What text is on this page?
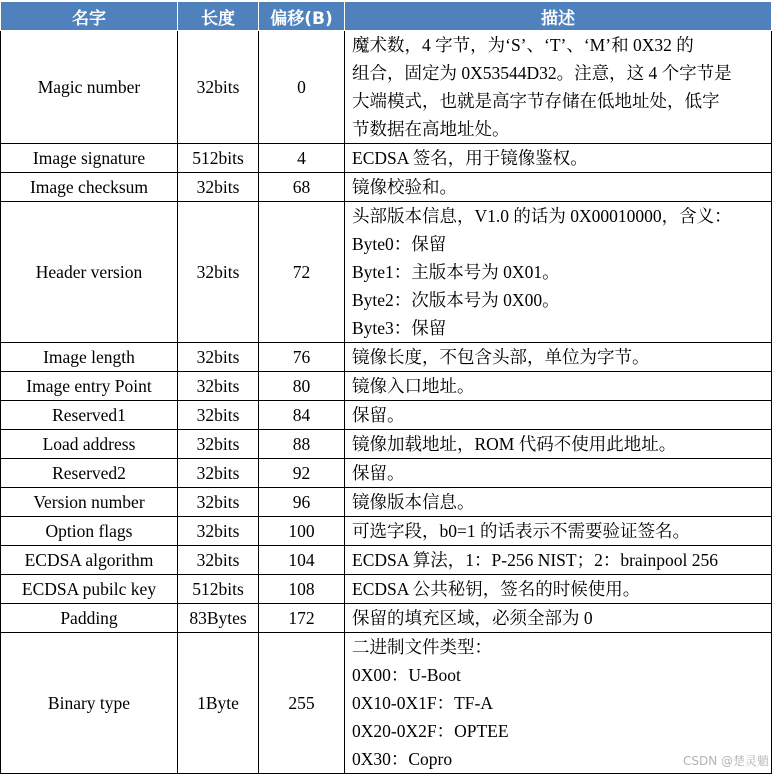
名字	长度	偏移(B)	描述
Magic number	32bits	0	魔术数，4 字节，为‘S’、‘T’、‘M’和 0X32 的
组合，固定为 0X53544D32。注意，这 4 个字节是
大端模式，也就是高字节存储在低地址处，低字
节数据在高地址处。

Image signature	512bits	4	ECDSA 签名，用于镜像鉴权。

Image checksum	32bits	68	镜像校验和。

Header version	32bits	72	头部版本信息，V1.0 的话为 0X00010000，含义：
Byte0：保留
Byte1：主版本号为 0X01。
Byte2：次版本号为 0X00。
Byte3：保留

Image length	32bits	76	镜像长度，不包含头部，单位为字节。

Image entry Point	32bits	80	镜像入口地址。

Reserved1	32bits	84	保留。

Load address	32bits	88	镜像加载地址，ROM 代码不使用此地址。

Reserved2	32bits	92	保留。

Version number	32bits	96	镜像版本信息。

Option flags	32bits	100	可选字段，b0=1 的话表示不需要验证签名。

ECDSA algorithm	32bits	104	ECDSA 算法，1：P-256 NIST；2：brainpool 256

ECDSA pubilc key	512bits	108	ECDSA 公共秘钥，签名的时候使用。

Padding	83Bytes	172	保留的填充区域，必须全部为 0

Binary type	1Byte	255	二进制文件类型：
0X00：U-Boot
0X10-0X1F：TF-A
0X20-0X2F：OPTEE
0X30：Copro	CSDN @楚灵魈
